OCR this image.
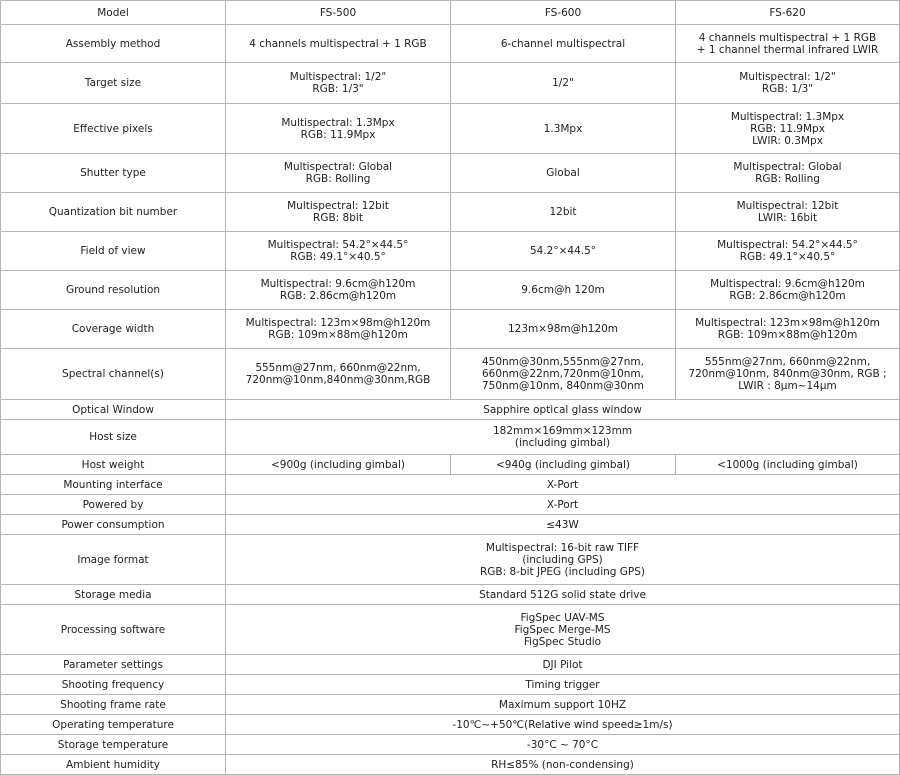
Model	FS-500	FS-600	FS-620
Assembly method	4 channels multispectral + 1 RGB	6-channel multispectral	4 channels multispectral + 1 RGB
+ 1 channel thermal infrared LWIR

Target size	Multispectral: 1/2"
RGB: 1/3"	1/2"	Multispectral: 1/2"
RGB: 1/3"

Effective pixels	Multispectral: 1.3Mpx
RGB: 11.9Mpx	1.3Mpx	Multispectral: 1.3Mpx
RGB: 11.9Mpx
LWIR: 0.3Mpx

Shutter type	Multispectral: Global
RGB: Rolling	Global	Multispectral: Global
RGB: Rolling

Quantization bit number	Multispectral: 12bit
RGB: 8bit	12bit	Multispectral: 12bit
LWIR: 16bit

Field of view	Multispectral: 54.2°×44.5°
RGB: 49.1°×40.5°	54.2°×44.5°	Multispectral: 54.2°×44.5°
RGB: 49.1°×40.5°

Ground resolution	Multispectral: 9.6cm@h120m
RGB: 2.86cm@h120m	9.6cm@h 120m	Multispectral: 9.6cm@h120m
RGB: 2.86cm@h120m

Coverage width	Multispectral: 123m×98m@h120m
RGB: 109m×88m@h120m	123m×98m@h120m	Multispectral: 123m×98m@h120m
RGB: 109m×88m@h120m

Spectral channel(s)	555nm@27nm, 660nm@22nm,
720nm@10nm,840nm@30nm,RGB	450nm@30nm,555nm@27nm,
660nm@22nm,720nm@10nm,
750nm@10nm, 840nm@30nm	555nm@27nm, 660nm@22nm,
720nm@10nm, 840nm@30nm, RGB ;
LWIR : 8μm~14μm

Optical Window	Sapphire optical glass window		

Host size	182mm×169mm×123mm
(including gimbal)		

Host weight	<900g (including gimbal)	<940g (including gimbal)	<1000g (including gimbal)

Mounting interface	X-Port		

Powered by	X-Port		

Power consumption	≤43W		

Image format	Multispectral: 16-bit raw TIFF
(including GPS)
RGB: 8-bit JPEG (including GPS)		

Storage media	Standard 512G solid state drive		

Processing software	FigSpec UAV-MS
FigSpec Merge-MS
FigSpec Studio		

Parameter settings	DJI Pilot		

Shooting frequency	Timing trigger		

Shooting frame rate	Maximum support 10HZ		

Operating temperature	-10℃~+50℃(Relative wind speed≥1m/s)		

Storage temperature	-30°C ~ 70°C		

Ambient humidity	RH≤85% (non-condensing)		
